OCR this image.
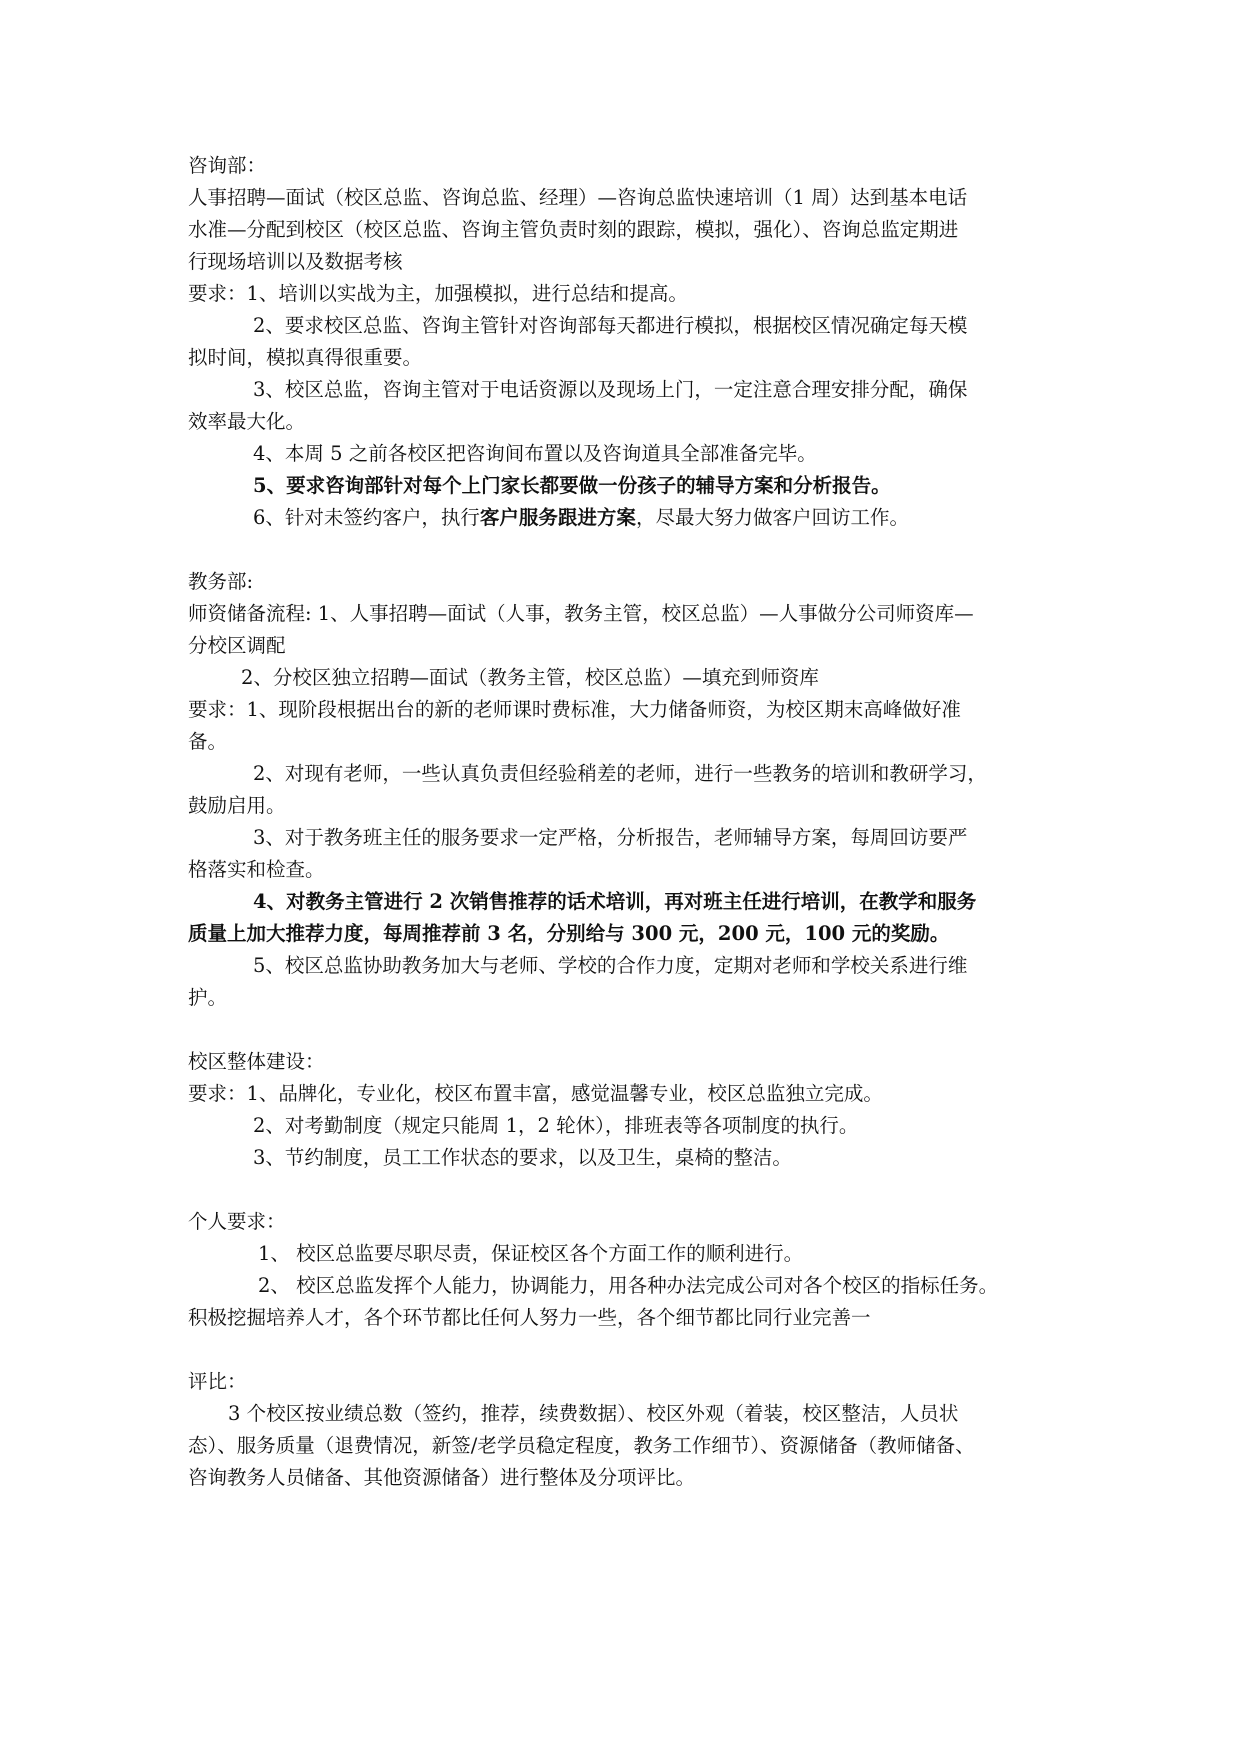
咨询部：
人事招聘—面试（校区总监、咨询总监、经理）—咨询总监快速培训（1 周）达到基本电话
水准—分配到校区（校区总监、咨询主管负责时刻的跟踪，模拟，强化）、咨询总监定期进
行现场培训以及数据考核
要求：1、培训以实战为主，加强模拟，进行总结和提高。
2、要求校区总监、咨询主管针对咨询部每天都进行模拟，根据校区情况确定每天模
拟时间，模拟真得很重要。
3、校区总监，咨询主管对于电话资源以及现场上门，一定注意合理安排分配，确保
效率最大化。
4、本周 5 之前各校区把咨询间布置以及咨询道具全部准备完毕。
5、要求咨询部针对每个上门家长都要做一份孩子的辅导方案和分析报告。
6、针对未签约客户，执行客户服务跟进方案，尽最大努力做客户回访工作。
教务部:
师资储备流程: 1、人事招聘—面试（人事，教务主管，校区总监）—人事做分公司师资库—
分校区调配
2、分校区独立招聘—面试（教务主管，校区总监）—填充到师资库
要求：1、现阶段根据出台的新的老师课时费标准，大力储备师资，为校区期末高峰做好准
备。
2、对现有老师，一些认真负责但经验稍差的老师，进行一些教务的培训和教研学习，
鼓励启用。
3、对于教务班主任的服务要求一定严格，分析报告，老师辅导方案，每周回访要严
格落实和检查。
4、对教务主管进行 2 次销售推荐的话术培训，再对班主任进行培训，在教学和服务
质量上加大推荐力度，每周推荐前 3 名，分别给与 300 元，200 元，100 元的奖励。
5、校区总监协助教务加大与老师、学校的合作力度，定期对老师和学校关系进行维
护。
校区整体建设：
要求：1、品牌化，专业化，校区布置丰富，感觉温馨专业，校区总监独立完成。
2、对考勤制度（规定只能周 1，2 轮休），排班表等各项制度的执行。
3、节约制度，员工工作状态的要求，以及卫生，桌椅的整洁。
个人要求：
1、 校区总监要尽职尽责，保证校区各个方面工作的顺利进行。
2、 校区总监发挥个人能力，协调能力，用各种办法完成公司对各个校区的指标任务。
积极挖掘培养人才，各个环节都比任何人努力一些，各个细节都比同行业完善一
评比：
3 个校区按业绩总数（签约，推荐，续费数据）、校区外观（着装，校区整洁，人员状
态）、服务质量（退费情况，新签/老学员稳定程度，教务工作细节）、资源储备（教师储备、
咨询教务人员储备、其他资源储备）进行整体及分项评比。
